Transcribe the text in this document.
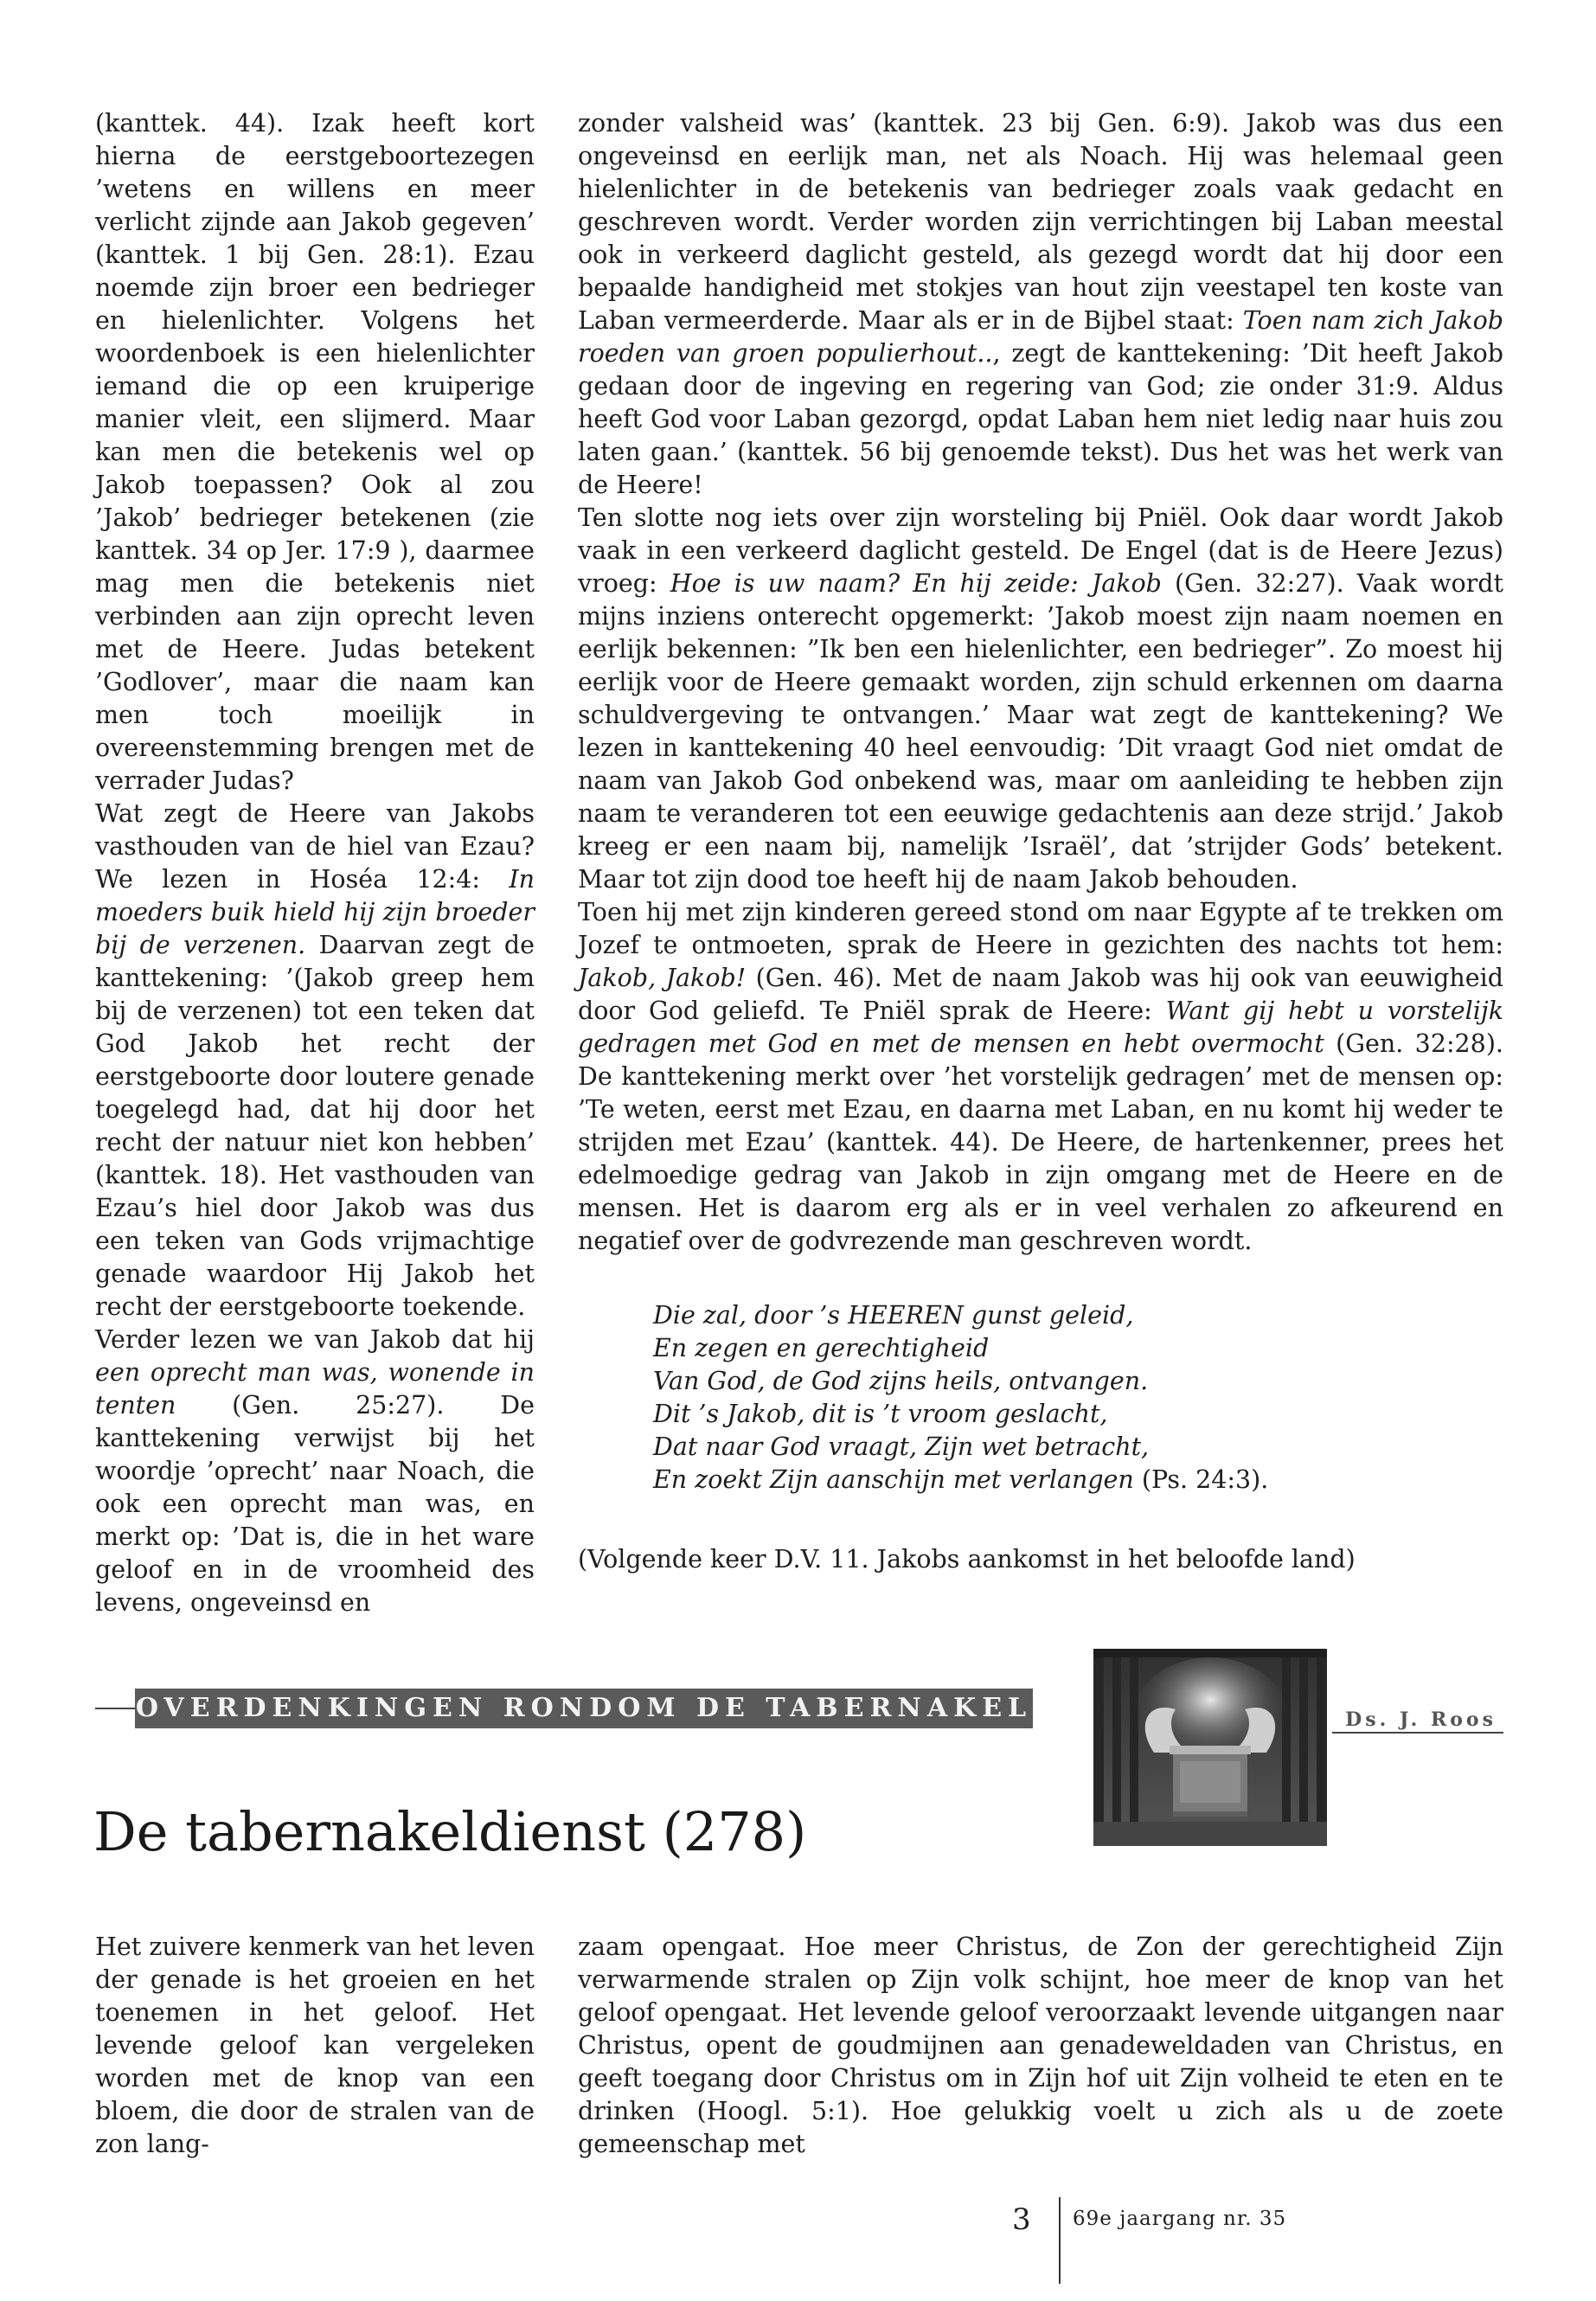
(kanttek. 44). Izak heeft kort hierna de eerstgeboortezegen ’wetens en willens en meer verlicht zijnde aan Jakob gegeven’ (kanttek. 1 bij Gen. 28:1). Ezau noemde zijn broer een bedrieger en hielenlichter. Volgens het woordenboek is een hielenlichter iemand die op een kruiperige manier vleit, een slijmerd. Maar kan men die betekenis wel op Jakob toepassen? Ook al zou ’Jakob’ bedrieger betekenen (zie kanttek. 34 op Jer. 17:9 ), daarmee mag men die betekenis niet verbinden aan zijn oprecht leven met de Heere. Judas betekent ’Godlover’, maar die naam kan men toch moeilijk in overeenstemming brengen met de verrader Judas?

Wat zegt de Heere van Jakobs vasthouden van de hiel van Ezau? We lezen in Hoséa 12:4: In moeders buik hield hij zijn broeder bij de verzenen. Daarvan zegt de kanttekening: ’(Jakob greep hem bij de verzenen) tot een teken dat God Jakob het recht der eerstgeboorte door loutere genade toegelegd had, dat hij door het recht der natuur niet kon hebben’ (kanttek. 18). Het vasthouden van Ezau’s hiel door Jakob was dus een teken van Gods vrijmachtige genade waardoor Hij Jakob het recht der eerstgeboorte toekende.

Verder lezen we van Jakob dat hij een oprecht man was, wonende in tenten (Gen. 25:27). De kanttekening verwijst bij het woordje ’oprecht’ naar Noach, die ook een oprecht man was, en merkt op: ’Dat is, die in het ware geloof en in de vroomheid des levens, ongeveinsd en

zonder valsheid was’ (kanttek. 23 bij Gen. 6:9). Jakob was dus een ongeveinsd en eerlijk man, net als Noach. Hij was helemaal geen hielenlichter in de betekenis van bedrieger zoals vaak gedacht en geschreven wordt. Verder worden zijn verrichtingen bij Laban meestal ook in verkeerd daglicht gesteld, als gezegd wordt dat hij door een bepaalde handigheid met stokjes van hout zijn veestapel ten koste van Laban vermeerderde. Maar als er in de Bijbel staat: Toen nam zich Jakob roeden van groen populierhout.., zegt de kanttekening: ’Dit heeft Jakob gedaan door de ingeving en regering van God; zie onder 31:9. Aldus heeft God voor Laban gezorgd, opdat Laban hem niet ledig naar huis zou laten gaan.’ (kanttek. 56 bij genoemde tekst). Dus het was het werk van de Heere!

Ten slotte nog iets over zijn worsteling bij Pniël. Ook daar wordt Jakob vaak in een verkeerd daglicht gesteld. De Engel (dat is de Heere Jezus) vroeg: Hoe is uw naam? En hij zeide: Jakob (Gen. 32:27). Vaak wordt mijns inziens onterecht opgemerkt: ’Jakob moest zijn naam noemen en eerlijk bekennen: ”Ik ben een hielenlichter, een bedrieger”. Zo moest hij eerlijk voor de Heere gemaakt worden, zijn schuld erkennen om daarna schuldvergeving te ontvangen.’ Maar wat zegt de kanttekening? We lezen in kanttekening 40 heel eenvoudig: ’Dit vraagt God niet omdat de naam van Jakob God onbekend was, maar om aanleiding te hebben zijn naam te veranderen tot een eeuwige gedachtenis aan deze strijd.’ Jakob kreeg er een naam bij, namelijk ’Israël’, dat ’strijder Gods’ betekent. Maar tot zijn dood toe heeft hij de naam Jakob behouden.

Toen hij met zijn kinderen gereed stond om naar Egypte af te trekken om Jozef te ontmoeten, sprak de Heere in gezichten des nachts tot hem: Jakob, Jakob! (Gen. 46). Met de naam Jakob was hij ook van eeuwigheid door God geliefd. Te Pniël sprak de Heere: Want gij hebt u vorstelijk gedragen met God en met de mensen en hebt overmocht (Gen. 32:28). De kanttekening merkt over ’het vorstelijk gedragen’ met de mensen op: ’Te weten, eerst met Ezau, en daarna met Laban, en nu komt hij weder te strijden met Ezau’ (kanttek. 44). De Heere, de hartenkenner, prees het edelmoedige gedrag van Jakob in zijn omgang met de Heere en de mensen. Het is daarom erg als er in veel verhalen zo afkeurend en negatief over de godvrezende man geschreven wordt.

Die zal, door ’s HEEREN gunst geleid,
En zegen en gerechtigheid
Van God, de God zijns heils, ontvangen.
Dit ’s Jakob, dit is ’t vroom geslacht,
Dat naar God vraagt, Zijn wet betracht,
En zoekt Zijn aanschijn met verlangen (Ps. 24:3).
(Volgende keer D.V. 11. Jakobs aankomst in het beloofde land)
OVERDENKINGEN RONDOM DE TABERNAKEL	Ds. J. Roos
De tabernakeldienst (278)

Het zuivere kenmerk van het leven der genade is het groeien en het toenemen in het geloof. Het levende geloof kan vergeleken worden met de knop van een bloem, die door de stralen van de zon lang-

zaam opengaat. Hoe meer Christus, de Zon der gerechtigheid Zijn verwarmende stralen op Zijn volk schijnt, hoe meer de knop van het geloof opengaat. Het levende geloof veroorzaakt levende uitgangen naar Christus, opent de goudmijnen aan genadeweldaden van Christus, en geeft toegang door Christus om in Zijn hof uit Zijn volheid te eten en te drinken (Hoogl. 5:1). Hoe gelukkig voelt u zich als u de zoete gemeenschap met

3 69e jaargang nr. 35
